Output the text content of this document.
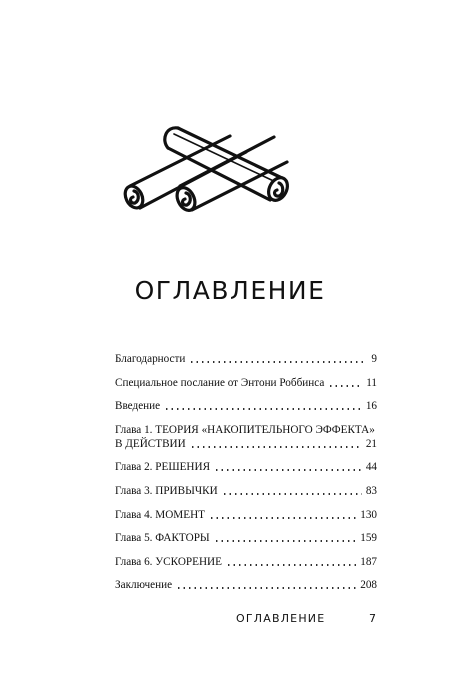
ОГЛАВЛЕНИЕ
Благодарности	9
Специальное послание от Энтони Роббинса	11
Введение	16
Глава 1. ТЕОРИЯ «НАКОПИТЕЛЬНОГО ЭФФЕКТА»
В ДЕЙСТВИИ	21
Глава 2. РЕШЕНИЯ	44
Глава 3. ПРИВЫЧКИ	83
Глава 4. МОМЕНТ	130
Глава 5. ФАКТОРЫ	159
Глава 6. УСКОРЕНИЕ	187
Заключение	208
ОГЛАВЛЕНИЕ	7
